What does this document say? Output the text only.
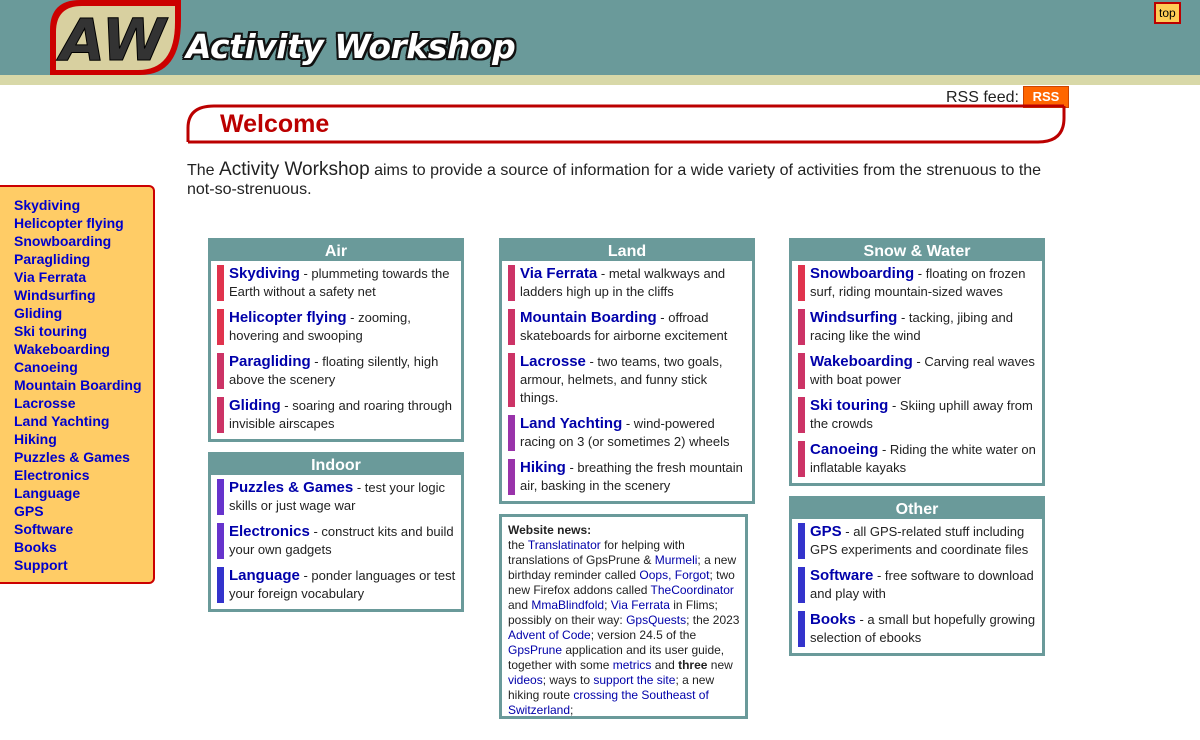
AW Activity Workshop
top
RSS feed:	RSS
Welcome
The Activity Workshop aims to provide a source of information for a wide variety of activities from the strenuous to the not-so-strenuous.
Skydiving
Helicopter flying
Snowboarding
Paragliding
Via Ferrata
Windsurfing
Gliding
Ski touring
Wakeboarding
Canoeing
Mountain Boarding
Lacrosse
Land Yachting
Hiking
Puzzles & Games
Electronics
Language
GPS
Software
Books
Support
Air
Skydiving - plummeting towards the Earth without a safety net
Helicopter flying - zooming, hovering and swooping
Paragliding - floating silently, high above the scenery
Gliding - soaring and roaring through invisible airscapes
Indoor
Puzzles & Games - test your logic skills or just wage war
Electronics - construct kits and build your own gadgets
Language - ponder languages or test your foreign vocabulary
Land
Via Ferrata - metal walkways and ladders high up in the cliffs
Mountain Boarding - offroad skateboards for airborne excitement
Lacrosse - two teams, two goals, armour, helmets, and funny stick things.
Land Yachting - wind-powered racing on 3 (or sometimes 2) wheels
Hiking - breathing the fresh mountain air, basking in the scenery
Snow & Water
Snowboarding - floating on frozen surf, riding mountain-sized waves
Windsurfing - tacking, jibing and racing like the wind
Wakeboarding - Carving real waves with boat power
Ski touring - Skiing uphill away from the crowds
Canoeing - Riding the white water on inflatable kayaks
Other
GPS - all GPS-related stuff including GPS experiments and coordinate files
Software - free software to download and play with
Books - a small but hopefully growing selection of ebooks
Website news:
the Translatinator for helping with translations of GpsPrune & Murmeli; a new birthday reminder called Oops, Forgot; two new Firefox addons called TheCoordinator and MmaBlindfold; Via Ferrata in Flims; possibly on their way: GpsQuests; the 2023 Advent of Code; version 24.5 of the GpsPrune application and its user guide, together with some metrics and three new videos; ways to support the site; a new hiking route crossing the Southeast of Switzerland;
